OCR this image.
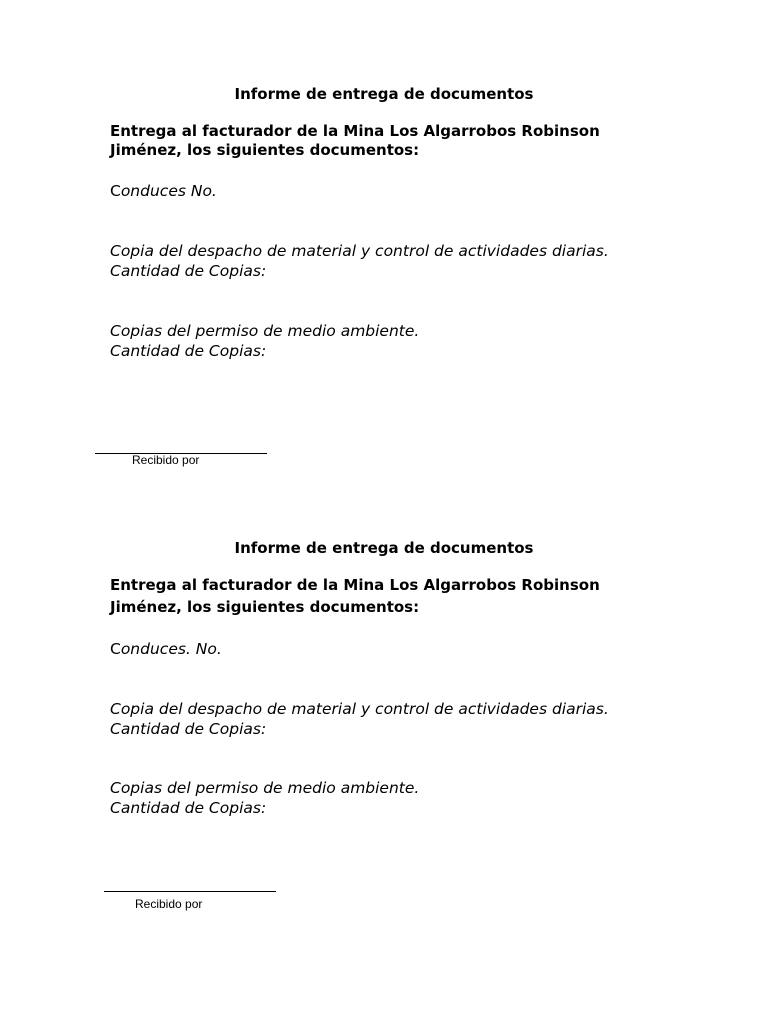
Informe de entrega de documentos
Entrega al facturador de la Mina Los Algarrobos Robinson
Jiménez, los siguientes documentos:
Conduces No.
Copia del despacho de material y control de actividades diarias.
Cantidad de Copias:
Copias del permiso de medio ambiente.
Cantidad de Copias:
Recibido por
Informe de entrega de documentos
Entrega al facturador de la Mina Los Algarrobos Robinson
Jiménez, los siguientes documentos:
Conduces. No.
Copia del despacho de material y control de actividades diarias.
Cantidad de Copias:
Copias del permiso de medio ambiente.
Cantidad de Copias:
Recibido por
